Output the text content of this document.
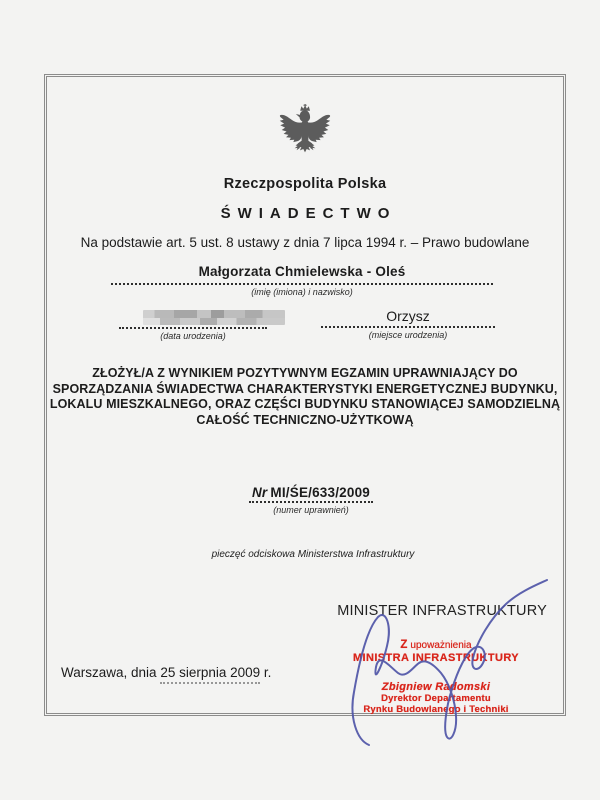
Rzeczpospolita Polska
ŚWIADECTWO
Na podstawie art. 5 ust. 8 ustawy z dnia 7 lipca 1994 r. – Prawo budowlane
Małgorzata Chmielewska - Oleś
(imię (imiona) i nazwisko)
(data urodzenia)
Orzysz
(miejsce urodzenia)
ZŁOŻYŁ/A Z WYNIKIEM POZYTYWNYM EGZAMIN UPRAWNIAJĄCY DO
SPORZĄDZANIA ŚWIADECTWA CHARAKTERYSTYKI ENERGETYCZNEJ BUDYNKU,
LOKALU MIESZKALNEGO, ORAZ CZĘŚCI BUDYNKU STANOWIĄCEJ SAMODZIELNĄ
CAŁOŚĆ TECHNICZNO-UŻYTKOWĄ
Nr MI/ŚE/633/2009
(numer uprawnień)
pieczęć odciskowa Ministerstwa Infrastruktury
MINISTER INFRASTRUKTURY
Z upoważnienia
MINISTRA INFRASTRUKTURY
Zbigniew Radomski
Dyrektor Departamentu
Rynku Budowlanego i Techniki
Warszawa, dnia 25 sierpnia 2009 r.
